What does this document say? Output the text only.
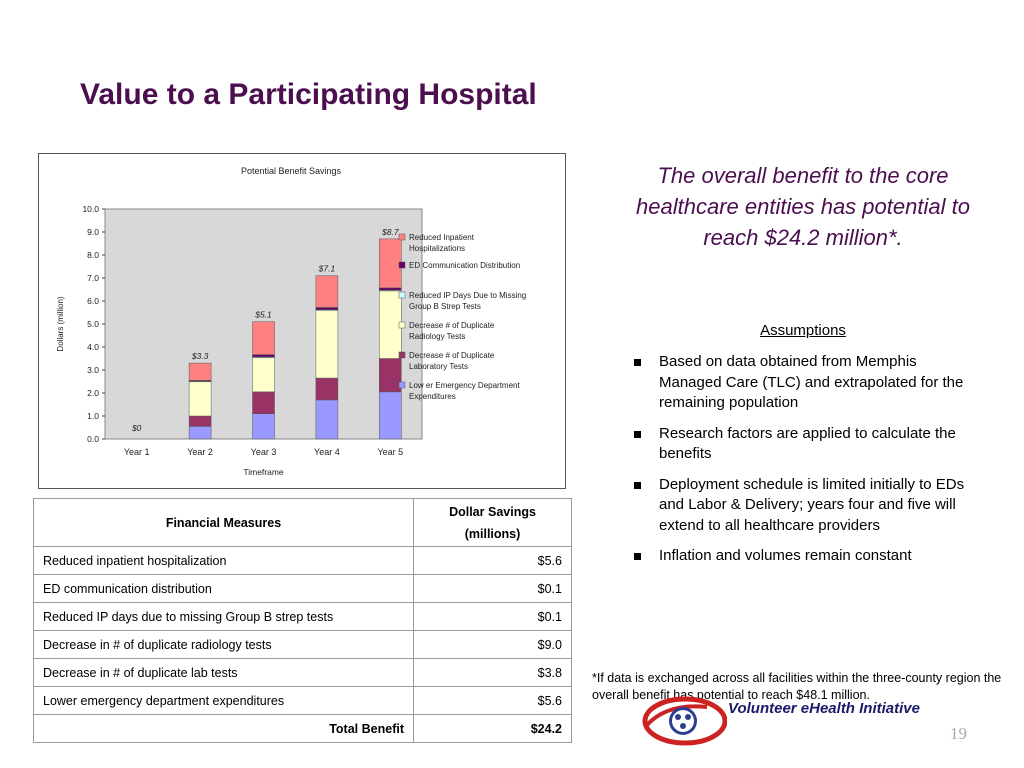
Value to a Participating Hospital
Potential Benefit Savings
0.0
1.0
2.0
3.0
4.0
5.0
6.0
7.0
8.0
9.0
10.0
Dollars (million)
$0
Year 1
$3.3
Year 2
$5.1
Year 3
$7.1
Year 4
$8.7
Year 5
Timeframe
Reduced Inpatient Hospitalizations
ED Communication Distribution
Reduced IP Days Due to Missing Group B Strep Tests
Decrease # of Duplicate Radiology Tests
Decrease # of Duplicate Laboratory Tests
Low er Emergency Department Expenditures
The overall benefit to the core healthcare entities has potential to reach $24.2 million*.
Assumptions
Based on data obtained from Memphis Managed Care (TLC) and extrapolated for the remaining population
Research factors are applied to calculate the benefits
Deployment schedule is limited initially to EDs and Labor & Delivery; years four and five will extend to all healthcare providers
Inflation and volumes remain constant
Financial Measures	Dollar Savings
(millions)
Reduced inpatient hospitalization	$5.6
ED communication distribution	$0.1
Reduced IP days due to missing Group B strep tests	$0.1
Decrease in # of duplicate radiology tests	$9.0
Decrease in # of duplicate lab tests	$3.8
Lower emergency department expenditures	$5.6
Total Benefit	$24.2
*If data is exchanged across all facilities within the three-county region the overall benefit has potential to reach $48.1 million.
Volunteer eHealth Initiative
19
